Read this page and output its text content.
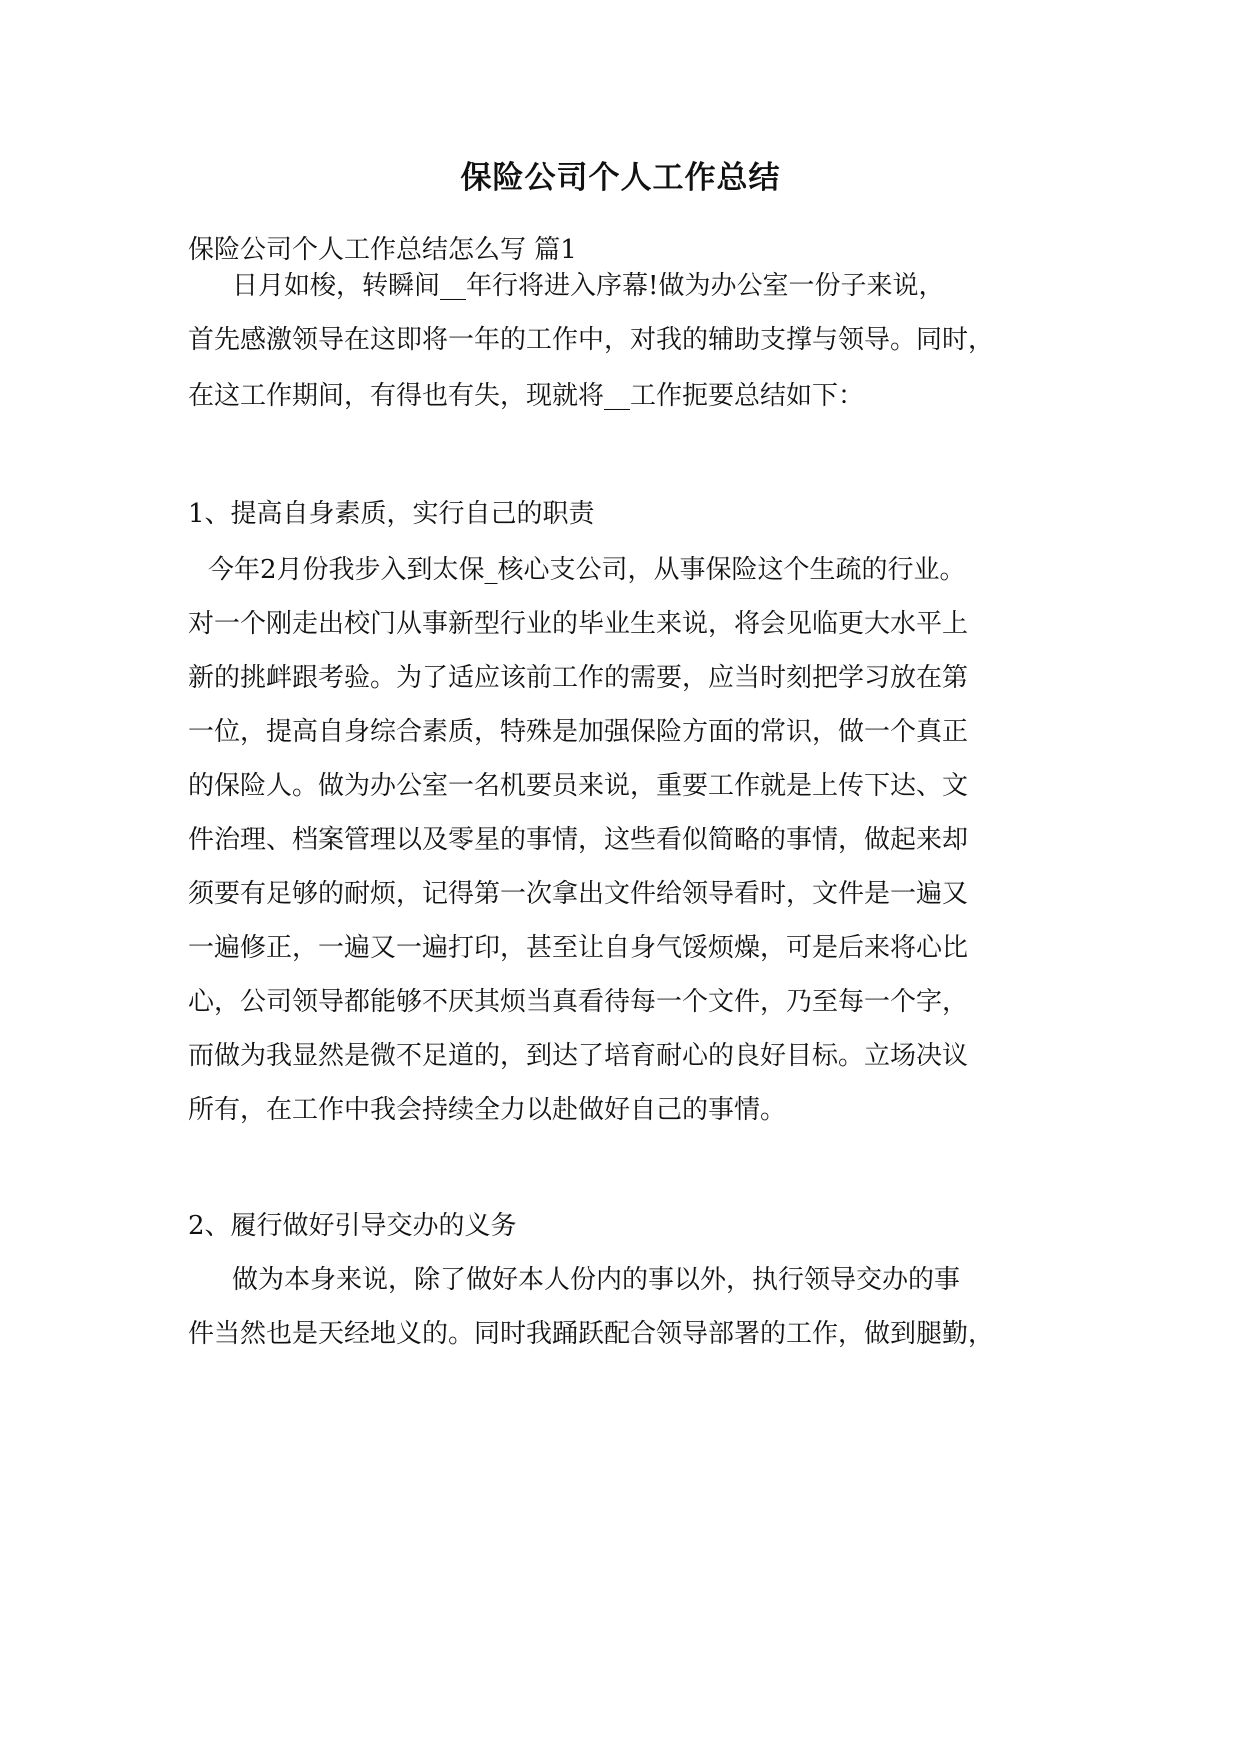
保险公司个人工作总结
保险公司个人工作总结怎么写 篇1
日月如梭，转瞬间__年行将进入序幕!做为办公室一份子来说，
首先感激领导在这即将一年的工作中，对我的辅助支撑与领导。同时，
在这工作期间，有得也有失，现就将__工作扼要总结如下：
1、提高自身素质，实行自己的职责
今年2月份我步入到太保_核心支公司，从事保险这个生疏的行业。
对一个刚走出校门从事新型行业的毕业生来说，将会见临更大水平上
新的挑衅跟考验。为了适应该前工作的需要，应当时刻把学习放在第
一位，提高自身综合素质，特殊是加强保险方面的常识，做一个真正
的保险人。做为办公室一名机要员来说，重要工作就是上传下达、文
件治理、档案管理以及零星的事情，这些看似简略的事情，做起来却
须要有足够的耐烦，记得第一次拿出文件给领导看时，文件是一遍又
一遍修正，一遍又一遍打印，甚至让自身气馁烦燥，可是后来将心比
心，公司领导都能够不厌其烦当真看待每一个文件，乃至每一个字，
而做为我显然是微不足道的，到达了培育耐心的良好目标。立场决议
所有，在工作中我会持续全力以赴做好自己的事情。
2、履行做好引导交办的义务
做为本身来说，除了做好本人份内的事以外，执行领导交办的事
件当然也是天经地义的。同时我踊跃配合领导部署的工作，做到腿勤，
